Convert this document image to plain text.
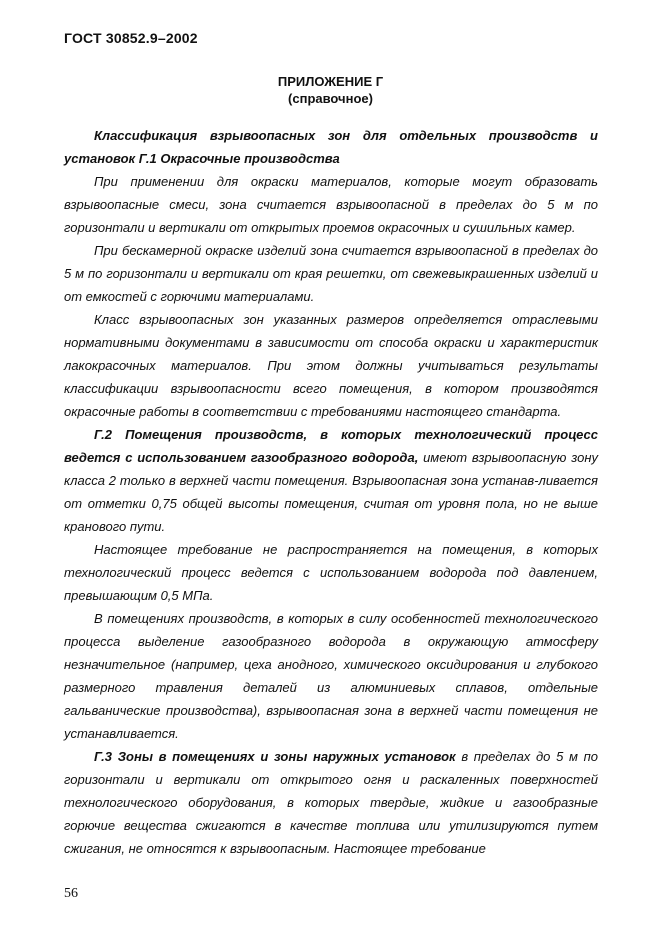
ГОСТ 30852.9–2002
ПРИЛОЖЕНИЕ Г
(справочное)

Классификация взрывоопасных зон для отдельных производств и установок Г.1 Окрасочные производства

При применении для окраски материалов, которые могут образовать взрывоопасные смеси, зона считается взрывоопасной в пределах до 5 м по горизонтали и вертикали от открытых проемов окрасочных и сушильных камер.

При бескамерной окраске изделий зона считается взрывоопасной в пределах до 5 м по горизонтали и вертикали от края решетки, от свежевыкрашенных изделий и от емкостей с горючими материалами.

Класс взрывоопасных зон указанных размеров определяется отраслевыми нормативными документами в зависимости от способа окраски и характеристик лакокрасочных материалов. При этом должны учитываться результаты классификации взрывоопасности всего помещения, в котором производятся окрасочные работы в соответствии с требованиями настоящего стандарта.

Г.2 Помещения производств, в которых технологический процесс ведется с использованием газообразного водорода, имеют взрывоопасную зону класса 2 только в верхней части помещения. Взрывоопасная зона устанав-ливается от отметки 0,75 общей высоты помещения, считая от уровня пола, но не выше кранового пути.

Настоящее требование не распространяется на помещения, в которых технологический процесс ведется с использованием водорода под давлением, превышающим 0,5 МПа.

В помещениях производств, в которых в силу особенностей технологического процесса выделение газообразного водорода в окружающую атмосферу незначительное (например, цеха анодного, химического оксидирования и глубокого размерного травления деталей из алюминиевых сплавов, отдельные гальванические производства), взрывоопасная зона в верхней части помещения не устанавливается.

Г.3 Зоны в помещениях и зоны наружных установок в пределах до 5 м по горизонтали и вертикали от открытого огня и раскаленных поверхностей технологического оборудования, в которых твердые, жидкие и газообразные горючие вещества сжигаются в качестве топлива или утилизируются путем сжигания, не относятся к взрывоопасным. Настоящее требование

56
